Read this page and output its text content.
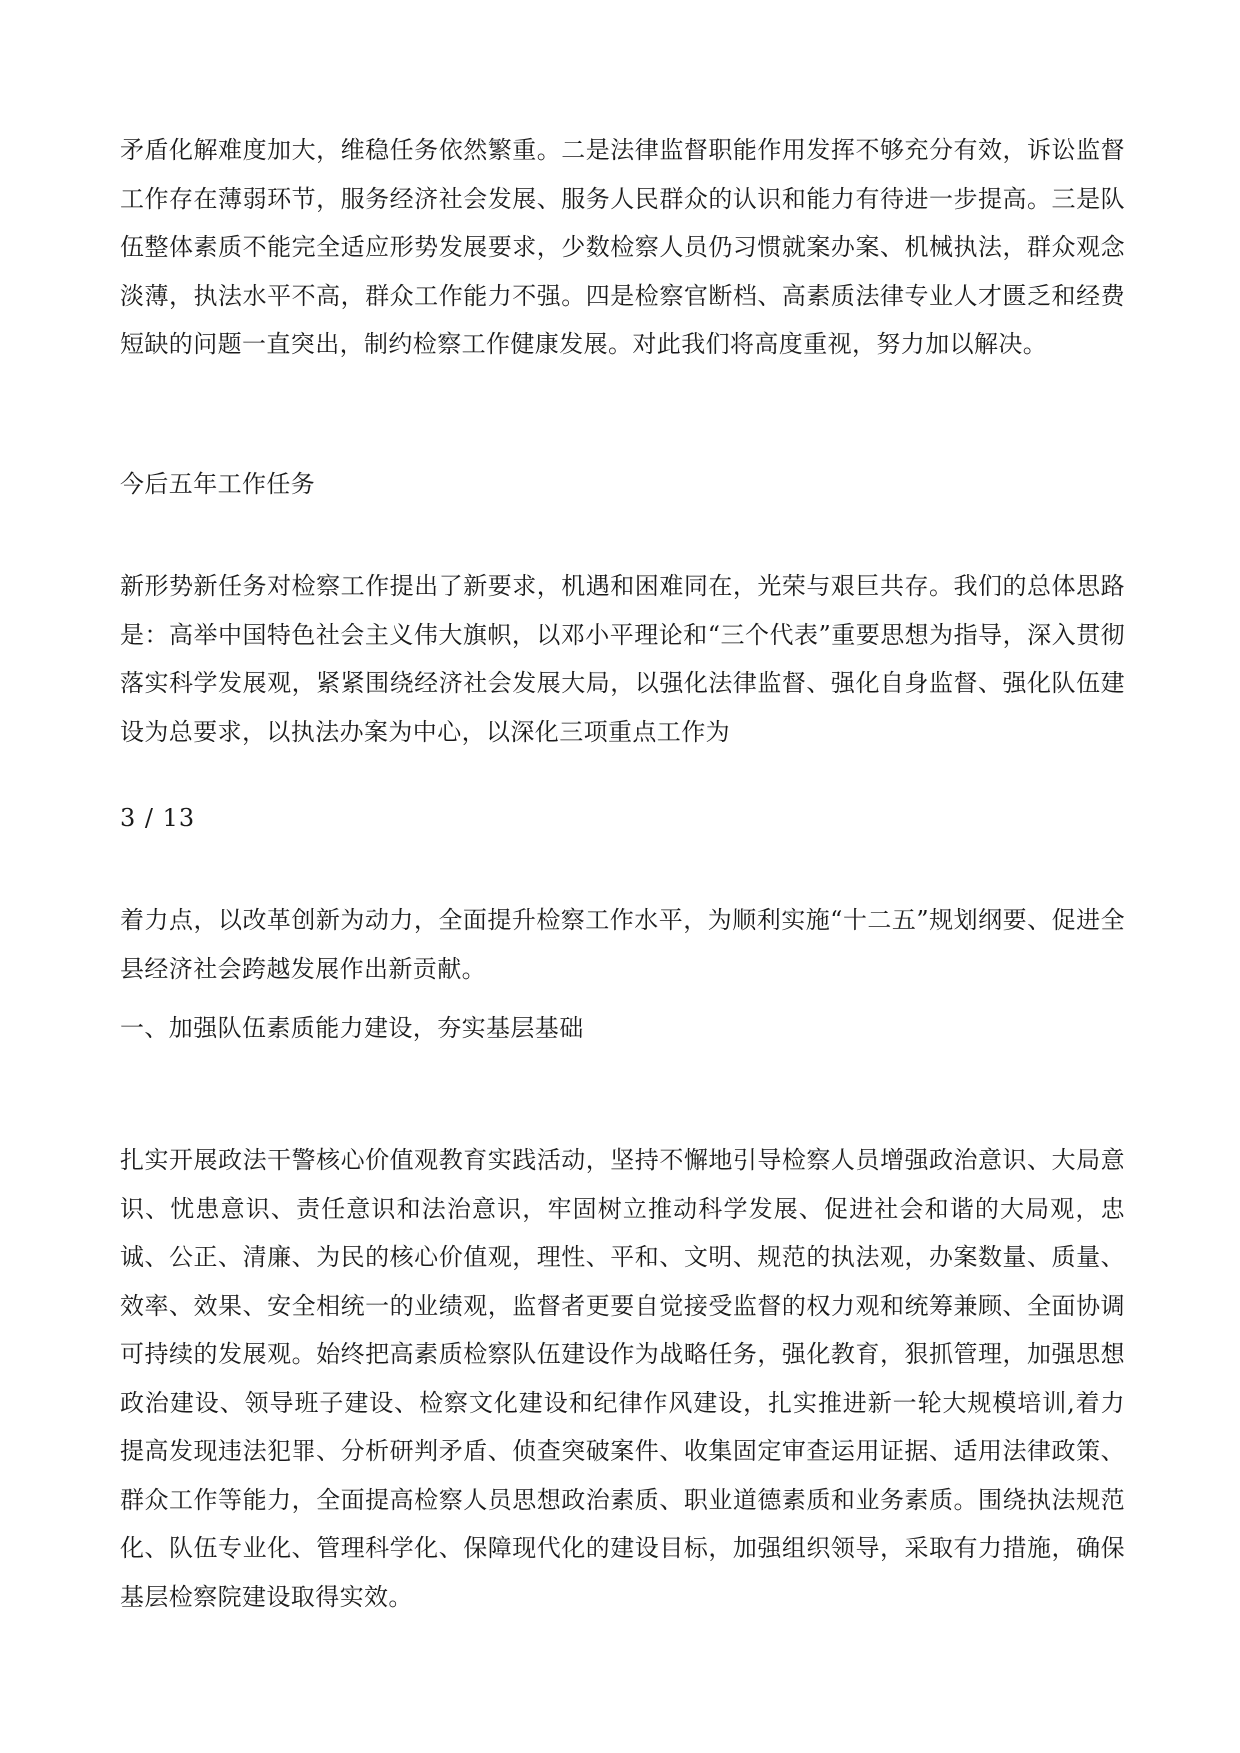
矛盾化解难度加大，维稳任务依然繁重。二是法律监督职能作用发挥不够充分有效，诉讼监督工作存在薄弱环节，服务经济社会发展、服务人民群众的认识和能力有待进一步提高。三是队伍整体素质不能完全适应形势发展要求，少数检察人员仍习惯就案办案、机械执法，群众观念淡薄，执法水平不高，群众工作能力不强。四是检察官断档、高素质法律专业人才匮乏和经费短缺的问题一直突出，制约检察工作健康发展。对此我们将高度重视，努力加以解决。

今后五年工作任务

新形势新任务对检察工作提出了新要求，机遇和困难同在，光荣与艰巨共存。我们的总体思路是：高举中国特色社会主义伟大旗帜，以邓小平理论和“三个代表”重要思想为指导，深入贯彻落实科学发展观，紧紧围绕经济社会发展大局，以强化法律监督、强化自身监督、强化队伍建设为总要求，以执法办案为中心，以深化三项重点工作为

3 / 13

着力点，以改革创新为动力，全面提升检察工作水平，为顺利实施“十二五”规划纲要、促进全县经济社会跨越发展作出新贡献。

一、加强队伍素质能力建设，夯实基层基础

扎实开展政法干警核心价值观教育实践活动，坚持不懈地引导检察人员增强政治意识、大局意识、忧患意识、责任意识和法治意识，牢固树立推动科学发展、促进社会和谐的大局观，忠诚、公正、清廉、为民的核心价值观，理性、平和、文明、规范的执法观，办案数量、质量、效率、效果、安全相统一的业绩观，监督者更要自觉接受监督的权力观和统筹兼顾、全面协调可持续的发展观。始终把高素质检察队伍建设作为战略任务，强化教育，狠抓管理，加强思想政治建设、领导班子建设、检察文化建设和纪律作风建设，扎实推进新一轮大规模培训,着力提高发现违法犯罪、分析研判矛盾、侦查突破案件、收集固定审查运用证据、适用法律政策、群众工作等能力，全面提高检察人员思想政治素质、职业道德素质和业务素质。围绕执法规范化、队伍专业化、管理科学化、保障现代化的建设目标，加强组织领导，采取有力措施，确保基层检察院建设取得实效。
